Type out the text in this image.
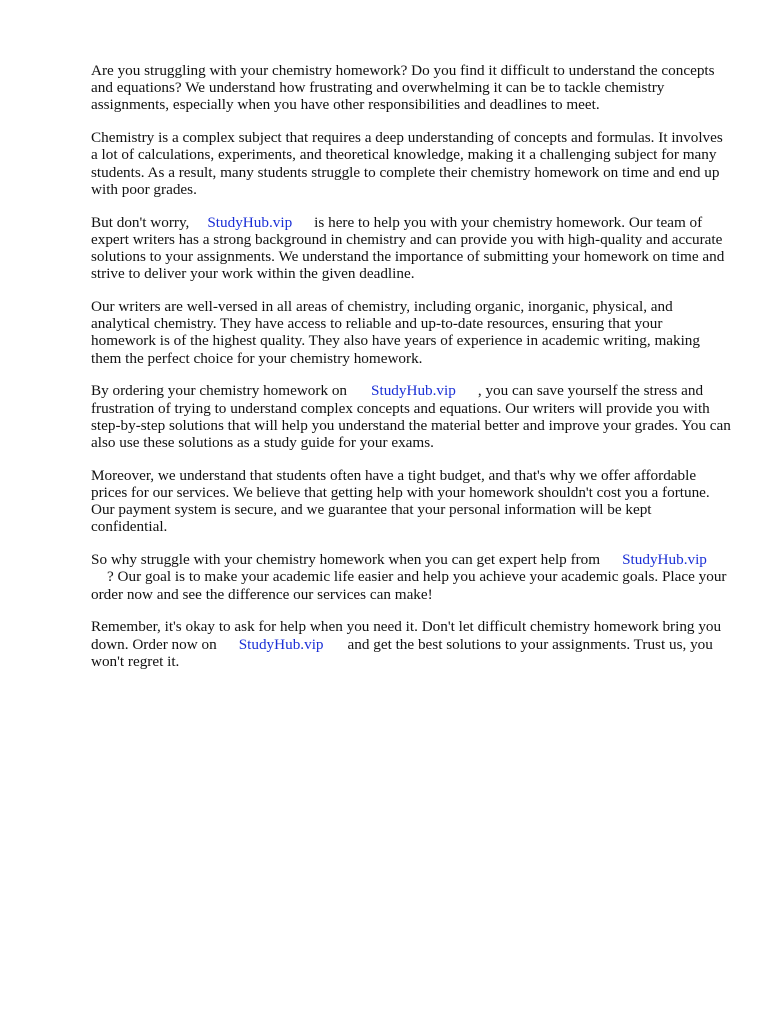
Are you struggling with your chemistry homework? Do you find it difficult to understand the concepts and equations? We understand how frustrating and overwhelming it can be to tackle chemistry assignments, especially when you have other responsibilities and deadlines to meet.

Chemistry is a complex subject that requires a deep understanding of concepts and formulas. It involves a lot of calculations, experiments, and theoretical knowledge, making it a challenging subject for many students. As a result, many students struggle to complete their chemistry homework on time and end up with poor grades.

But don't worry, StudyHub.vip is here to help you with your chemistry homework. Our team of expert writers has a strong background in chemistry and can provide you with high-quality and accurate solutions to your assignments. We understand the importance of submitting your homework on time and strive to deliver your work within the given deadline.

Our writers are well-versed in all areas of chemistry, including organic, inorganic, physical, and analytical chemistry. They have access to reliable and up-to-date resources, ensuring that your homework is of the highest quality. They also have years of experience in academic writing, making them the perfect choice for your chemistry homework.

By ordering your chemistry homework on StudyHub.vip , you can save yourself the stress and frustration of trying to understand complex concepts and equations. Our writers will provide you with step-by-step solutions that will help you understand the material better and improve your grades. You can also use these solutions as a study guide for your exams.

Moreover, we understand that students often have a tight budget, and that's why we offer affordable prices for our services. We believe that getting help with your homework shouldn't cost you a fortune. Our payment system is secure, and we guarantee that your personal information will be kept confidential.

So why struggle with your chemistry homework when you can get expert help from StudyHub.vip
? Our goal is to make your academic life easier and help you achieve your academic goals. Place your order now and see the difference our services can make!

Remember, it's okay to ask for help when you need it. Don't let difficult chemistry homework bring you down. Order now on StudyHub.vip and get the best solutions to your assignments. Trust us, you won't regret it.
